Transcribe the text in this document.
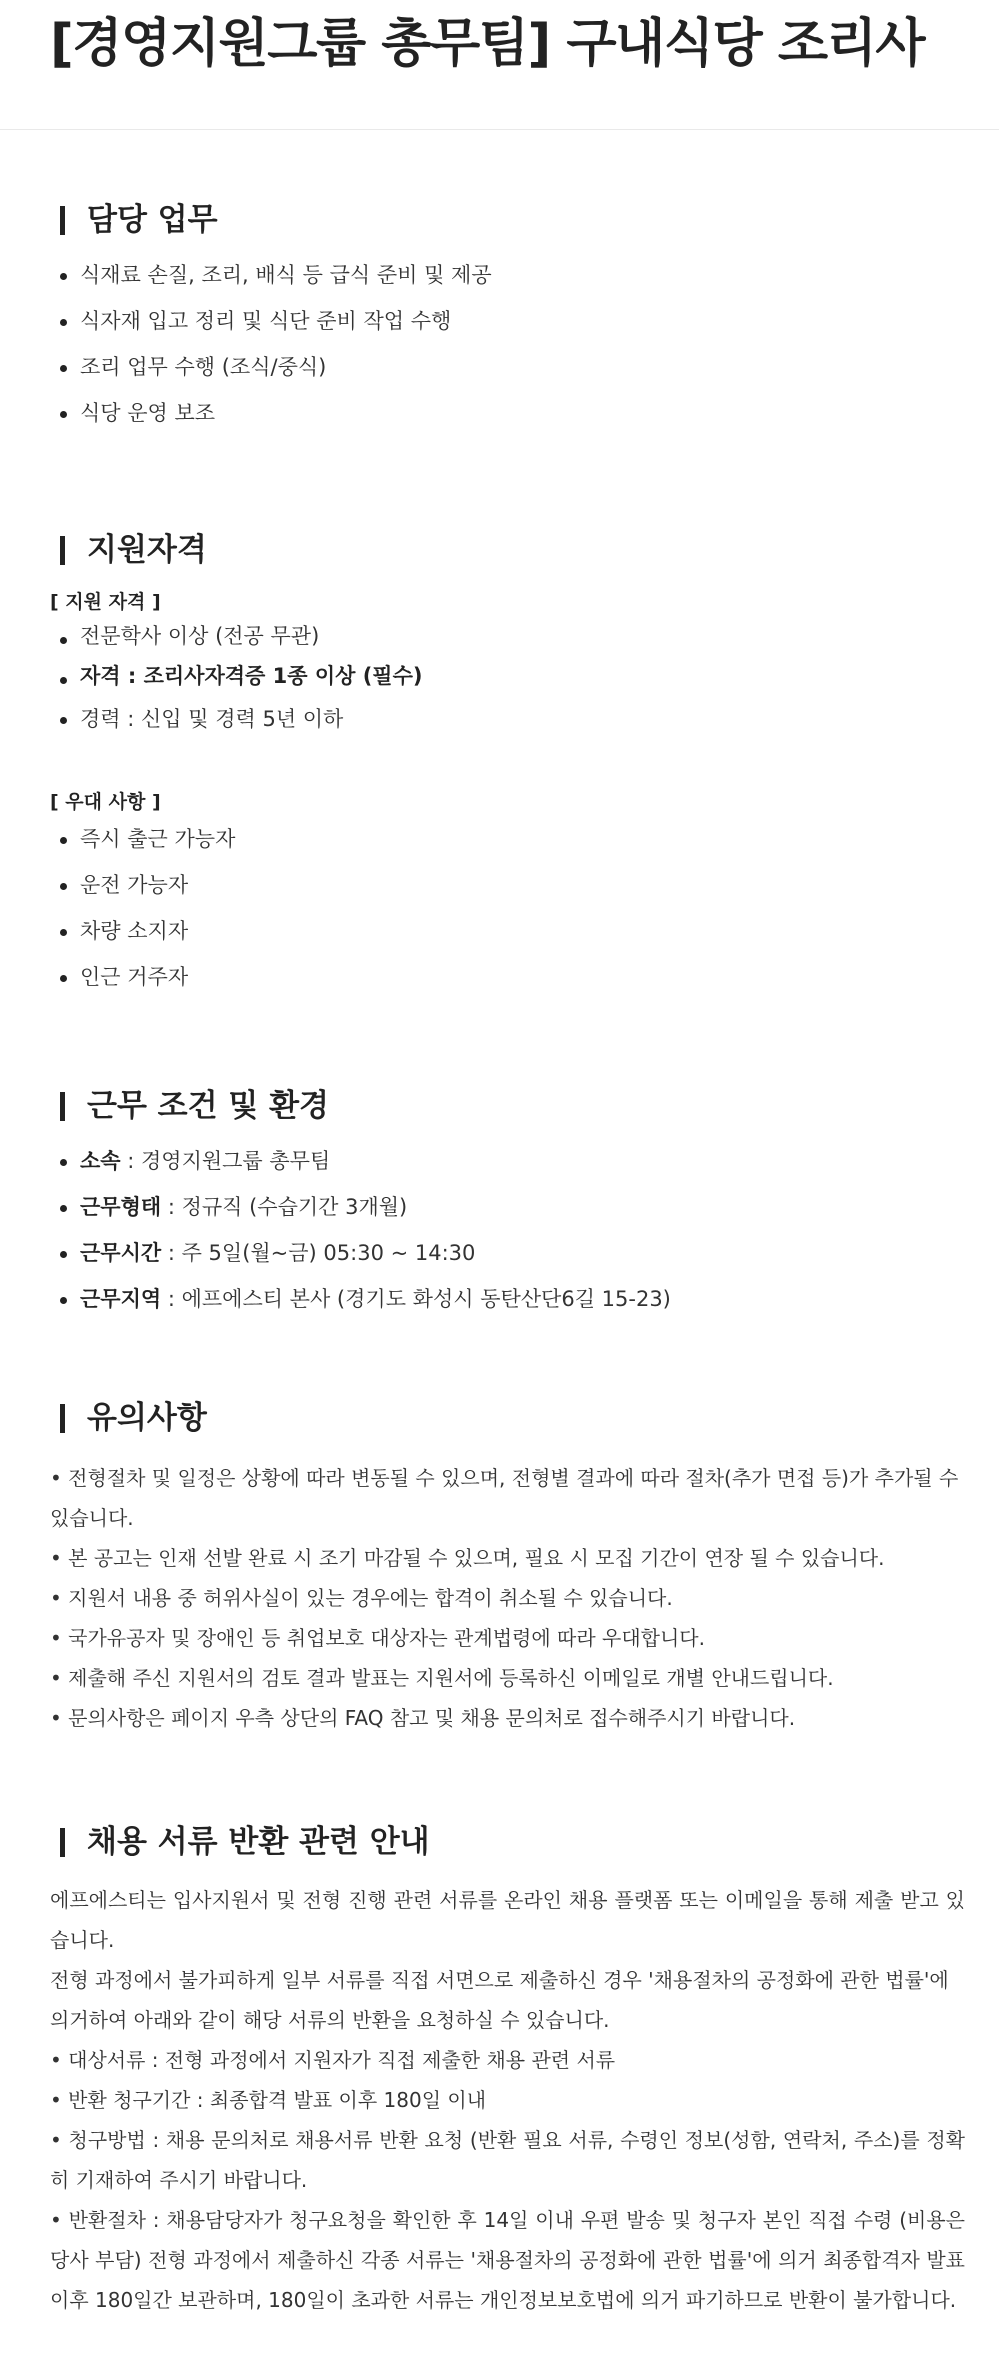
[경영지원그룹 총무팀] 구내식당 조리사
담당 업무
식재료 손질, 조리, 배식 등 급식 준비 및 제공
식자재 입고 정리 및 식단 준비 작업 수행
조리 업무 수행 (조식/중식)
식당 운영 보조
지원자격

[ 지원 자격 ]

전문학사 이상 (전공 무관)
자격 : 조리사자격증 1종 이상 (필수)
경력 : 신입 및 경력 5년 이하

[ 우대 사항 ]

즉시 출근 가능자
운전 가능자
차량 소지자
인근 거주자
근무 조건 및 환경
소속 : 경영지원그룹 총무팀
근무형태 : 정규직 (수습기간 3개월)
근무시간 : 주 5일(월~금) 05:30 ~ 14:30
근무지역 : 에프에스티 본사 (경기도 화성시 동탄산단6길 15-23)
유의사항

• 전형절차 및 일정은 상황에 따라 변동될 수 있으며, 전형별 결과에 따라 절차(추가 면접 등)가 추가될 수 있습니다.

• 본 공고는 인재 선발 완료 시 조기 마감될 수 있으며, 필요 시 모집 기간이 연장 될 수 있습니다.

• 지원서 내용 중 허위사실이 있는 경우에는 합격이 취소될 수 있습니다.

• 국가유공자 및 장애인 등 취업보호 대상자는 관계법령에 따라 우대합니다.

• 제출해 주신 지원서의 검토 결과 발표는 지원서에 등록하신 이메일로 개별 안내드립니다.

• 문의사항은 페이지 우측 상단의 FAQ 참고 및 채용 문의처로 접수해주시기 바랍니다.

채용 서류 반환 관련 안내

에프에스티는 입사지원서 및 전형 진행 관련 서류를 온라인 채용 플랫폼 또는 이메일을 통해 제출 받고 있습니다.

전형 과정에서 불가피하게 일부 서류를 직접 서면으로 제출하신 경우 '채용절차의 공정화에 관한 법률'에 의거하여 아래와 같이 해당 서류의 반환을 요청하실 수 있습니다.

• 대상서류 : 전형 과정에서 지원자가 직접 제출한 채용 관련 서류

• 반환 청구기간 : 최종합격 발표 이후 180일 이내

• 청구방법 : 채용 문의처로 채용서류 반환 요청 (반환 필요 서류, 수령인 정보(성함, 연락처, 주소)를 정확히 기재하여 주시기 바랍니다.

• 반환절차 : 채용담당자가 청구요청을 확인한 후 14일 이내 우편 발송 및 청구자 본인 직접 수령 (비용은 당사 부담) 전형 과정에서 제출하신 각종 서류는 '채용절차의 공정화에 관한 법률'에 의거 최종합격자 발표 이후 180일간 보관하며, 180일이 초과한 서류는 개인정보보호법에 의거 파기하므로 반환이 불가합니다.
